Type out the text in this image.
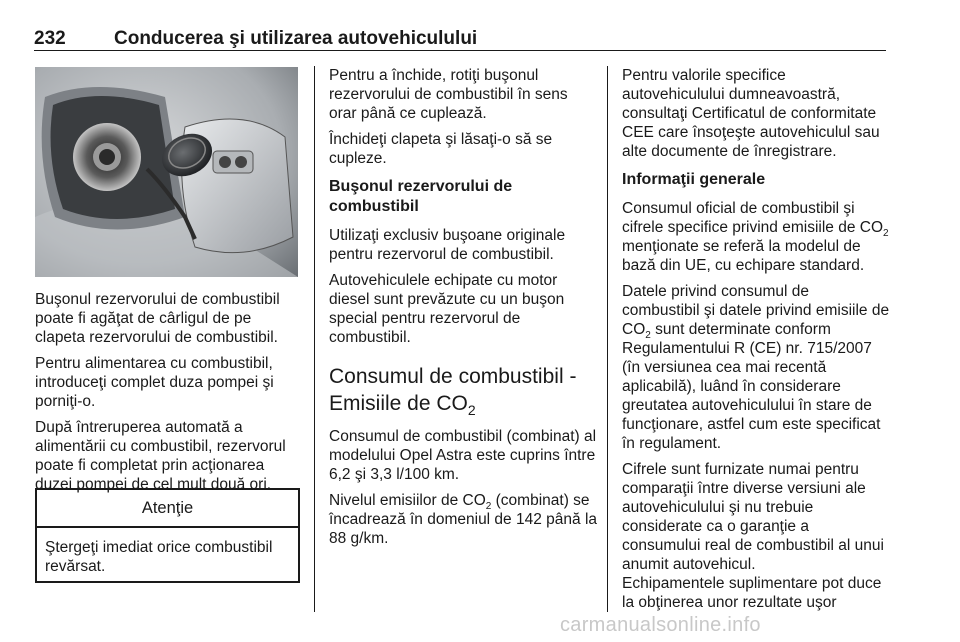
232	Conducerea şi utilizarea autovehiculului

Buşonul rezervorului de combustibil poate fi agăţat de cârligul de pe clapeta rezervorului de combustibil.

Pentru alimentarea cu combustibil, introduceţi complet duza pompei şi porniţi-o.

După întreruperea automată a alimentării cu combustibil, rezervorul poate fi completat prin acţionarea duzei pompei de cel mult două ori.

Atenţie
Ştergeţi imediat orice combustibil revărsat.

Pentru a închide, rotiţi buşonul rezervorului de combustibil în sens orar până ce cuplează.

Închideţi clapeta şi lăsaţi-o să se cupleze.

Buşonul rezervorului de combustibil

Utilizaţi exclusiv buşoane originale pentru rezervorul de combustibil.

Autovehiculele echipate cu motor diesel sunt prevăzute cu un buşon special pentru rezervorul de combustibil.

Consumul de combustibil - Emisiile de $CO_2$

Consumul de combustibil (combinat) al modelului Opel Astra este cuprins între 6,2 şi 3,3 l/100 km.

Nivelul emisiilor de $CO_2$ (combinat) se încadrează în domeniul de 142 până la 88 g/km.

Pentru valorile specifice autovehiculului dumneavoastră, consultaţi Certificatul de conformitate CEE care însoţeşte autovehiculul sau alte documente de înregistrare.

Informaţii generale

Consumul oficial de combustibil şi cifrele specifice privind emisiile de $CO_2$ menţionate se referă la modelul de bază din UE, cu echipare standard.

Datele privind consumul de combustibil şi datele privind emisiile de $CO_2$ sunt determinate conform Regulamentului R (CE) nr. 715/2007 (în versiunea cea mai recentă aplicabilă), luând în considerare greutatea autovehiculului în stare de funcţionare, astfel cum este specificat în regulament.

Cifrele sunt furnizate numai pentru comparaţii între diverse versiuni ale autovehiculului şi nu trebuie considerate ca o garanţie a consumului real de combustibil al unui anumit autovehicul.

Echipamentele suplimentare pot duce la obţinerea unor rezultate uşor

carmanualsonline.info
